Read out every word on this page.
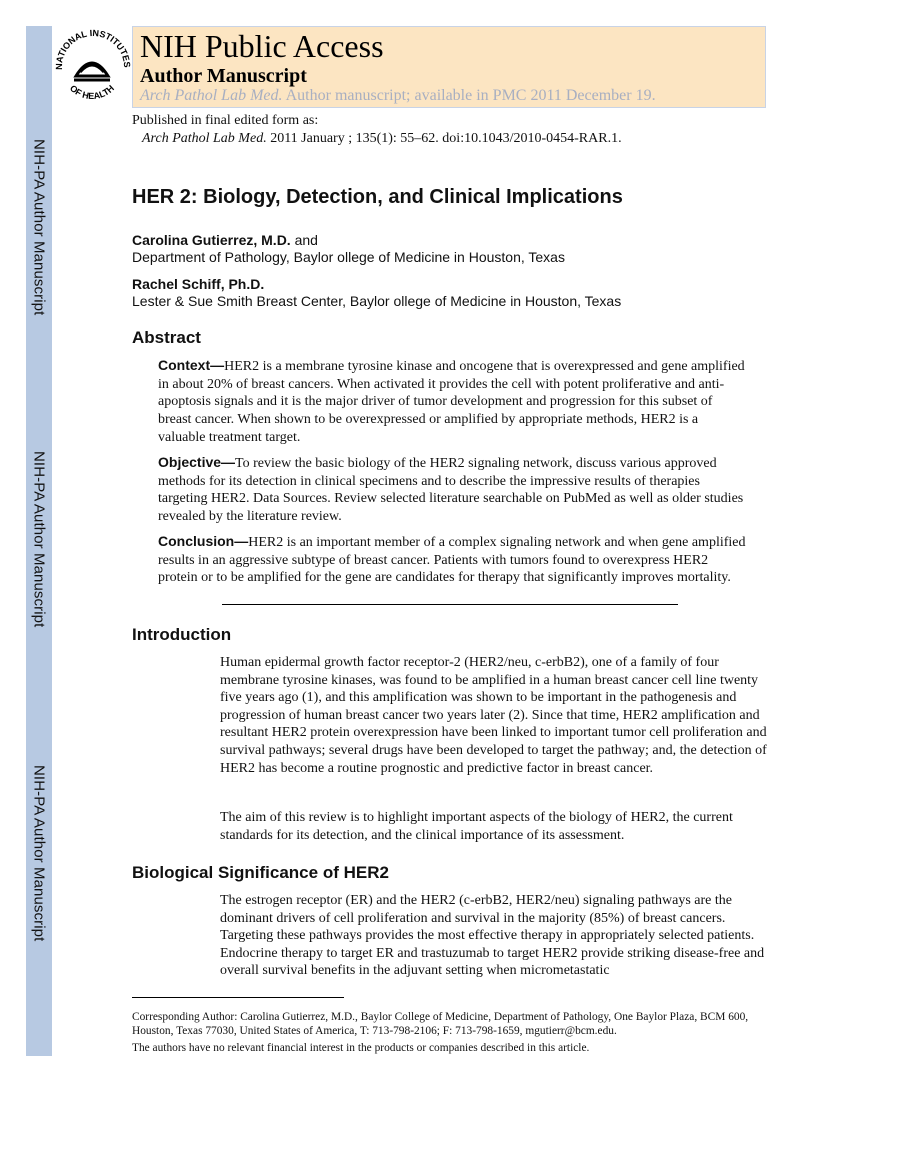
NIH-PA Author Manuscript
NIH-PA Author Manuscript
NIH-PA Author Manuscript
NATIONAL INSTITUTES
OF HEALTH
NIH Public Access
Author Manuscript
Arch Pathol Lab Med. Author manuscript; available in PMC 2011 December 19.
Published in final edited form as:
Arch Pathol Lab Med. 2011 January ; 135(1): 55–62. doi:10.1043/2010-0454-RAR.1.
HER 2: Biology, Detection, and Clinical Implications
Carolina Gutierrez, M.D. and
Department of Pathology, Baylor ollege of Medicine in Houston, Texas
Rachel Schiff, Ph.D.
Lester & Sue Smith Breast Center, Baylor ollege of Medicine in Houston, Texas
Abstract
Context—HER2 is a membrane tyrosine kinase and oncogene that is overexpressed and gene amplified in about 20% of breast cancers. When activated it provides the cell with potent proliferative and anti-apoptosis signals and it is the major driver of tumor development and progression for this subset of breast cancer. When shown to be overexpressed or amplified by appropriate methods, HER2 is a valuable treatment target.
Objective—To review the basic biology of the HER2 signaling network, discuss various approved methods for its detection in clinical specimens and to describe the impressive results of therapies targeting HER2. Data Sources. Review selected literature searchable on PubMed as well as older studies revealed by the literature review.
Conclusion—HER2 is an important member of a complex signaling network and when gene amplified results in an aggressive subtype of breast cancer. Patients with tumors found to overexpress HER2 protein or to be amplified for the gene are candidates for therapy that significantly improves mortality.
Introduction
Human epidermal growth factor receptor-2 (HER2/neu, c-erbB2), one of a family of four membrane tyrosine kinases, was found to be amplified in a human breast cancer cell line twenty five years ago (1), and this amplification was shown to be important in the pathogenesis and progression of human breast cancer two years later (2). Since that time, HER2 amplification and resultant HER2 protein overexpression have been linked to important tumor cell proliferation and survival pathways; several drugs have been developed to target the pathway; and, the detection of HER2 has become a routine prognostic and predictive factor in breast cancer.
The aim of this review is to highlight important aspects of the biology of HER2, the current standards for its detection, and the clinical importance of its assessment.
Biological Significance of HER2
The estrogen receptor (ER) and the HER2 (c-erbB2, HER2/neu) signaling pathways are the dominant drivers of cell proliferation and survival in the majority (85%) of breast cancers. Targeting these pathways provides the most effective therapy in appropriately selected patients. Endocrine therapy to target ER and trastuzumab to target HER2 provide striking disease-free and overall survival benefits in the adjuvant setting when micrometastatic
Corresponding Author: Carolina Gutierrez, M.D., Baylor College of Medicine, Department of Pathology, One Baylor Plaza, BCM 600, Houston, Texas 77030, United States of America, T: 713-798-2106; F: 713-798-1659, mgutierr@bcm.edu.
The authors have no relevant financial interest in the products or companies described in this article.
